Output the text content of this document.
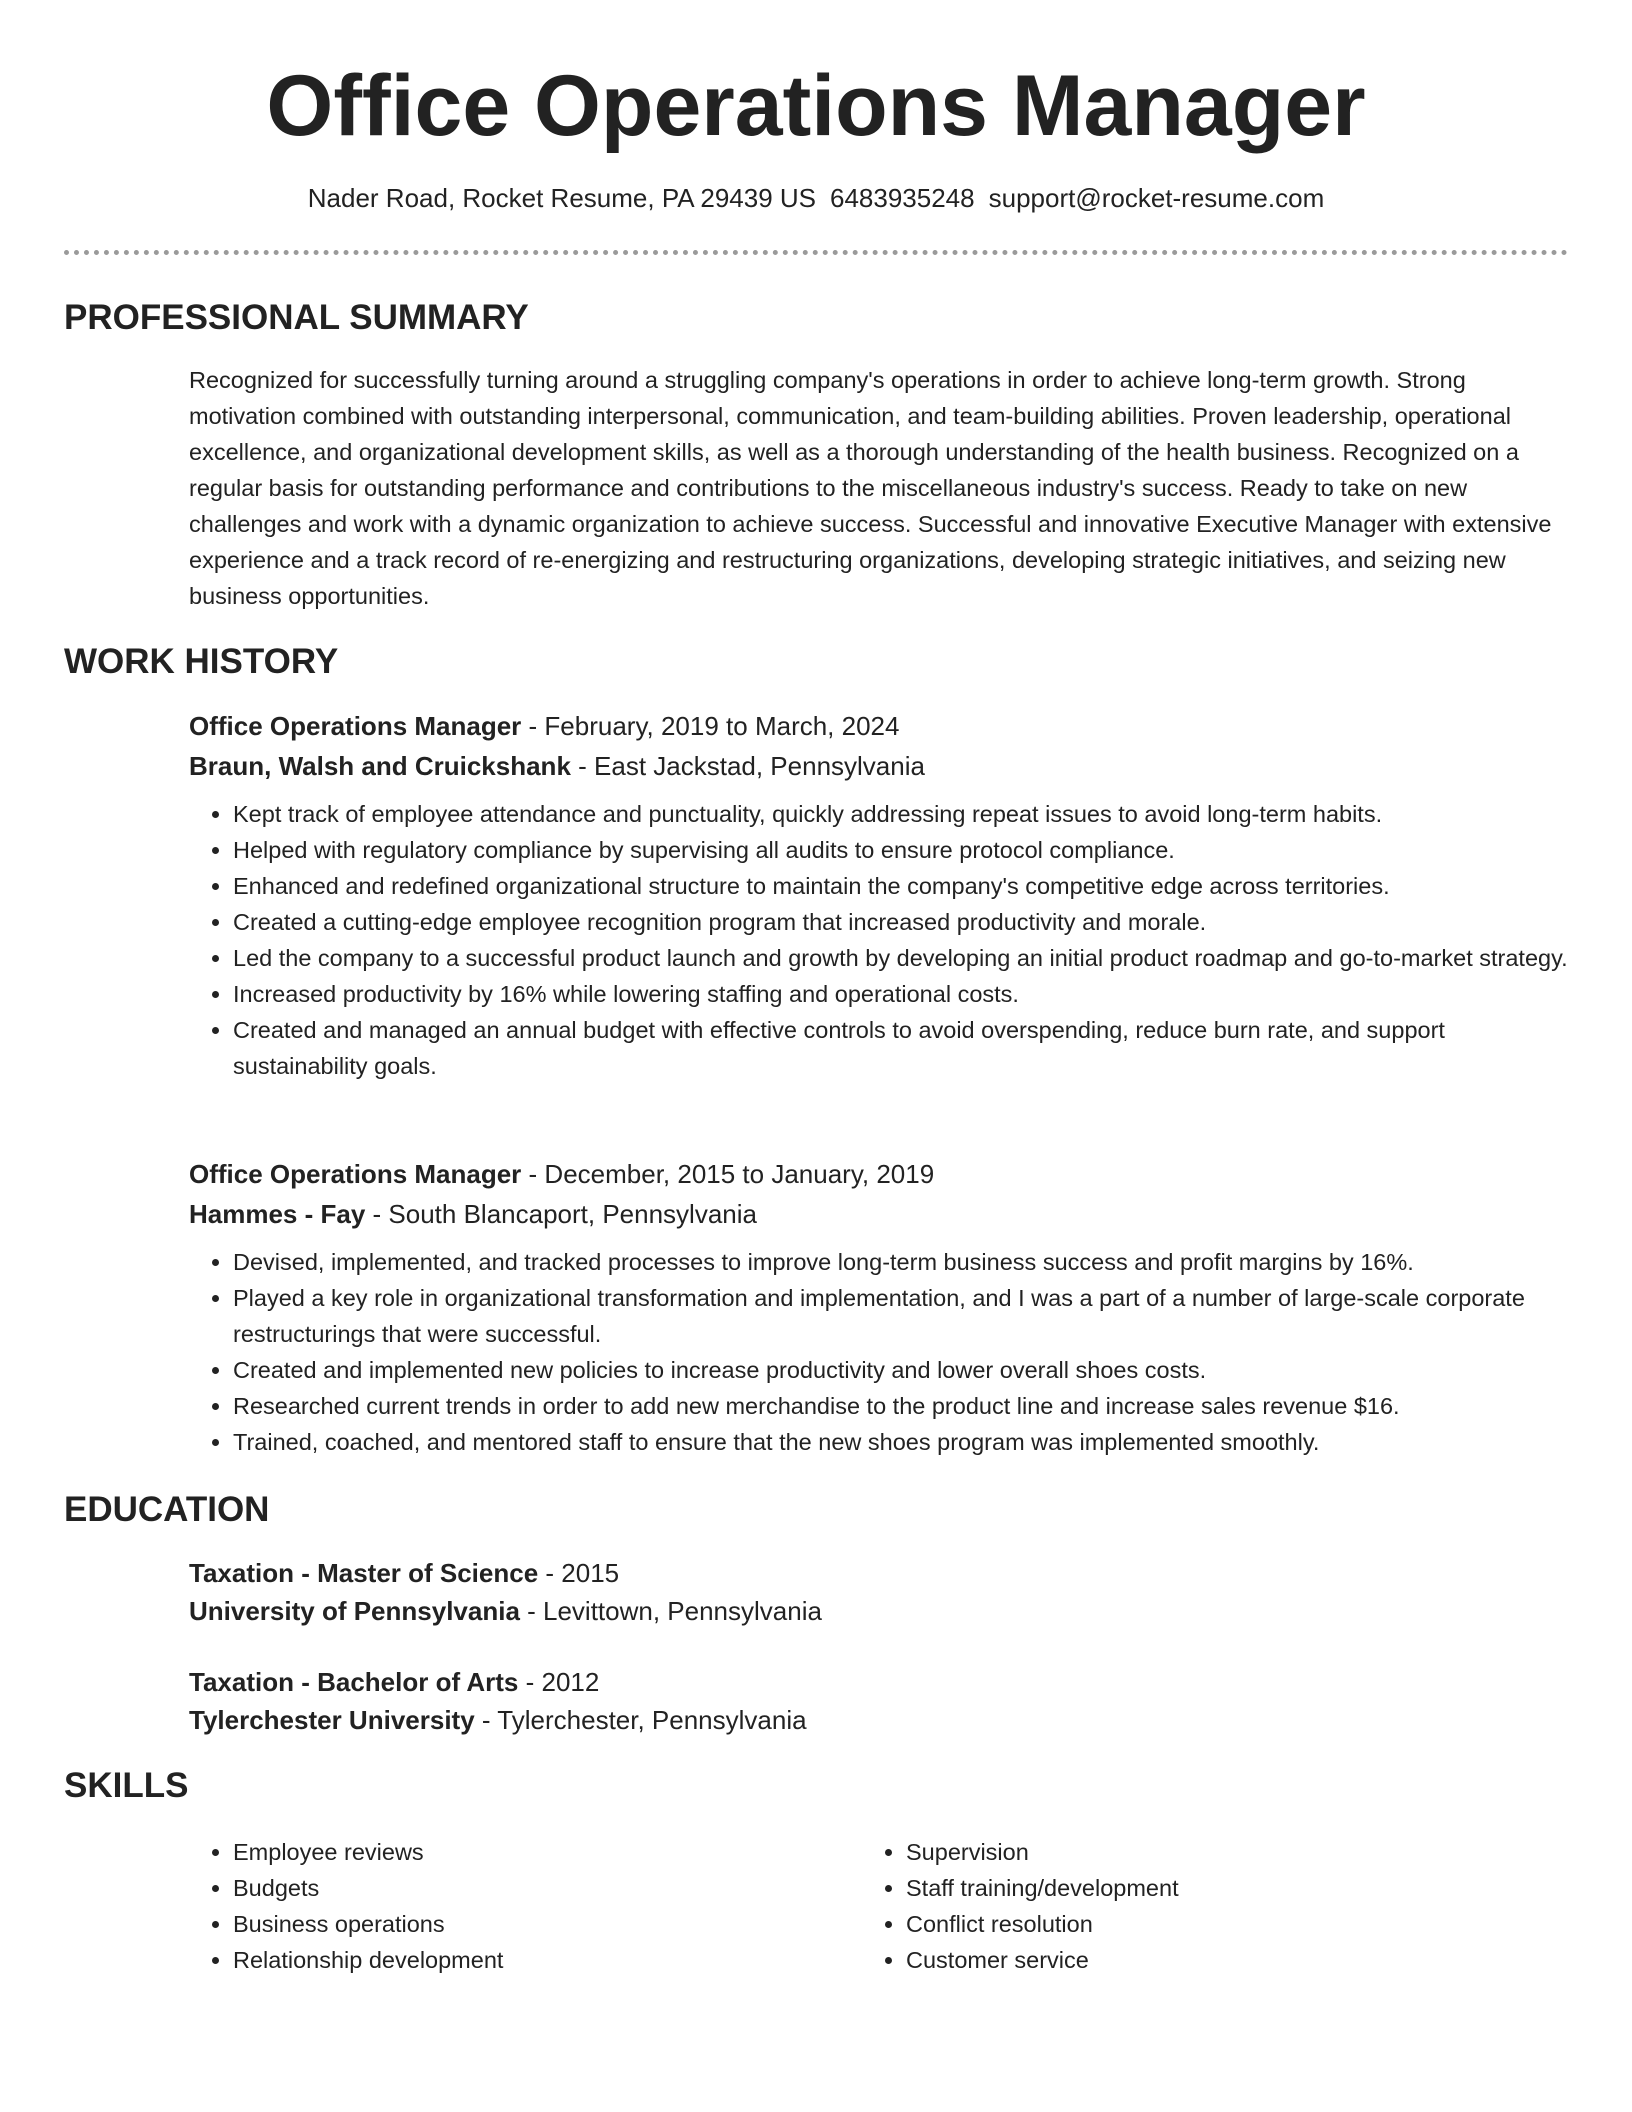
Office Operations Manager
Nader Road, Rocket Resume, PA 29439 US 6483935248 support@rocket-resume.com
PROFESSIONAL SUMMARY

Recognized for successfully turning around a struggling company's operations in order to achieve long-term growth. Strong motivation combined with outstanding interpersonal, communication, and team-building abilities. Proven leadership, operational excellence, and organizational development skills, as well as a thorough understanding of the health business. Recognized on a regular basis for outstanding performance and contributions to the miscellaneous industry's success. Ready to take on new challenges and work with a dynamic organization to achieve success. Successful and innovative Executive Manager with extensive experience and a track record of re-energizing and restructuring organizations, developing strategic initiatives, and seizing new business opportunities.

WORK HISTORY

Office Operations Manager - February, 2019 to March, 2024

Braun, Walsh and Cruickshank - East Jackstad, Pennsylvania

• Kept track of employee attendance and punctuality, quickly addressing repeat issues to avoid long-term habits.
• Helped with regulatory compliance by supervising all audits to ensure protocol compliance.
• Enhanced and redefined organizational structure to maintain the company's competitive edge across territories.
• Created a cutting-edge employee recognition program that increased productivity and morale.
• Led the company to a successful product launch and growth by developing an initial product roadmap and go-to-market strategy.
• Increased productivity by 16% while lowering staffing and operational costs.
• Created and managed an annual budget with effective controls to avoid overspending, reduce burn rate, and support sustainability goals.

Office Operations Manager - December, 2015 to January, 2019

Hammes - Fay - South Blancaport, Pennsylvania

• Devised, implemented, and tracked processes to improve long-term business success and profit margins by 16%.
• Played a key role in organizational transformation and implementation, and I was a part of a number of large-scale corporate restructurings that were successful.
• Created and implemented new policies to increase productivity and lower overall shoes costs.
• Researched current trends in order to add new merchandise to the product line and increase sales revenue $16.
• Trained, coached, and mentored staff to ensure that the new shoes program was implemented smoothly.
EDUCATION

Taxation - Master of Science - 2015

University of Pennsylvania - Levittown, Pennsylvania

Taxation - Bachelor of Arts - 2012

Tylerchester University - Tylerchester, Pennsylvania

SKILLS
• Employee reviews
• Budgets
• Business operations
• Relationship development
• Supervision
• Staff training/development
• Conflict resolution
• Customer service
